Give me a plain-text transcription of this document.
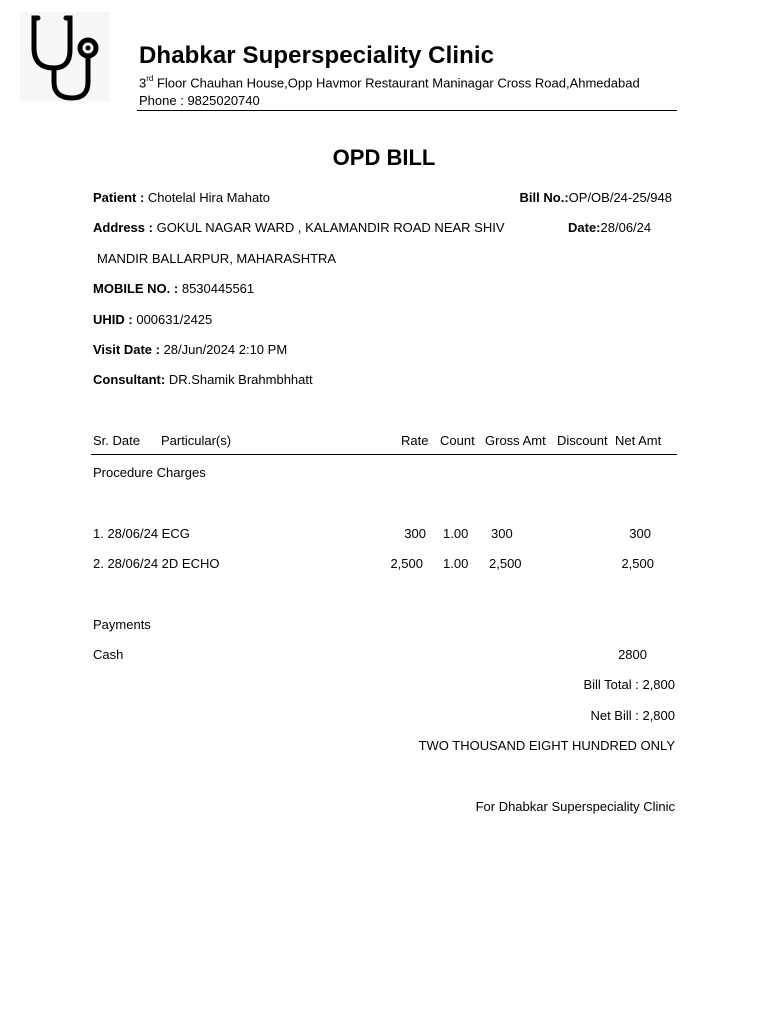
Dhabkar Superspeciality Clinic
3rd Floor Chauhan House,Opp Havmor Restaurant Maninagar Cross Road,Ahmedabad
Phone : 9825020740
OPD BILL
Patient : Chotelal Hira Mahato	Bill No.:OP/OB/24-25/948
Address : GOKUL NAGAR WARD , KALAMANDIR ROAD NEAR SHIV	Date:28/06/24
MANDIR BALLARPUR, MAHARASHTRA
MOBILE NO. : 8530445561
UHID : 000631/2425
Visit Date : 28/Jun/2024 2:10 PM
Consultant: DR.Shamik Brahmbhhatt
Sr. Date Particular(s)	Rate Count Gross Amt Discount Net Amt
Procedure Charges
1. 28/06/24 ECG	300 1.00 300	300
2. 28/06/24 2D ECHO	2,500 1.00 2,500	2,500
Payments
Cash	2800
Bill Total : 2,800
Net Bill : 2,800
TWO THOUSAND EIGHT HUNDRED ONLY
For Dhabkar Superspeciality Clinic
